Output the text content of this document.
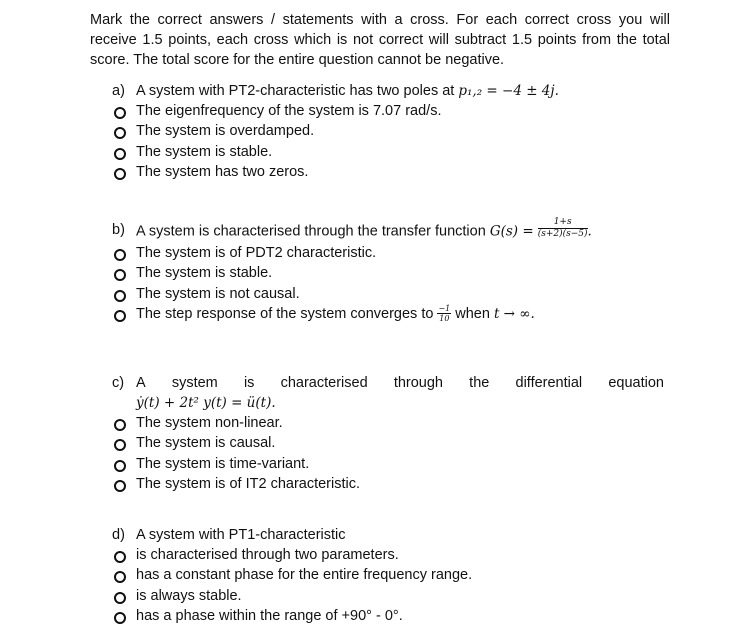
Mark the correct answers / statements with a cross. For each correct cross you will receive 1.5 points, each cross which is not correct will subtract 1.5 points from the total score. The total score for the entire question cannot be negative.
a) A system with PT2-characteristic has two poles at p₁,₂ = −4 ± 4j.
The eigenfrequency of the system is 7.07 rad/s.
The system is overdamped.
The system is stable.
The system has two zeros.
b) A system is characterised through the transfer function $G(s) = \frac{1+s}{(s+2)(s-5)}$ .
The system is of PDT2 characteristic.
The system is stable.
The system is not causal.
The step response of the system converges to $\frac{-1}{10}$ when t → ∞.
c) A system is characterised through the differential equation
ẏ(t) + 2t² y(t) = ü(t).
The system non-linear.
The system is causal.
The system is time-variant.
The system is of IT2 characteristic.
d) A system with PT1-characteristic
is characterised through two parameters.
has a constant phase for the entire frequency range.
is always stable.
has a phase within the range of +90° - 0°.
